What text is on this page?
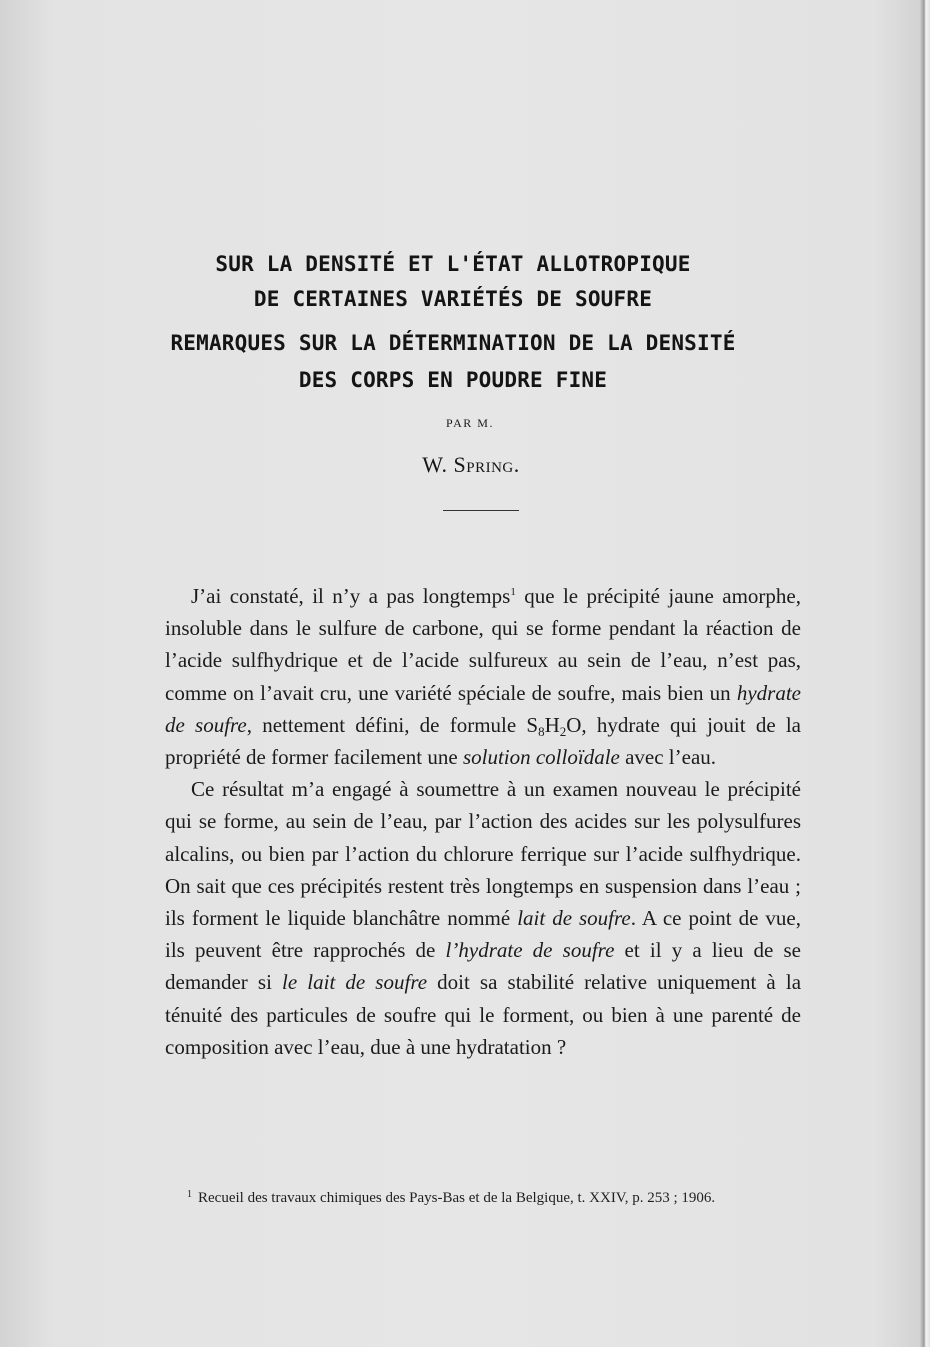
SUR LA DENSITÉ ET L'ÉTAT ALLOTROPIQUE
DE CERTAINES VARIÉTÉS DE SOUFRE
REMARQUES SUR LA DÉTERMINATION DE LA DENSITÉ
DES CORPS EN POUDRE FINE
PAR M.
W. Spring.

J’ai constaté, il n’y a pas longtemps$^1$ que le précipité jaune amorphe, insoluble dans le sulfure de carbone, qui se forme pendant la réaction de l’acide sulfhydrique et de l’acide sulfureux au sein de l’eau, n’est pas, comme on l’avait cru, une variété spéciale de soufre, mais bien un hydrate de soufre, nettement défini, de formule $S_8H_2O$, hydrate qui jouit de la propriété de former facilement une solution colloïdale avec l’eau.

Ce résultat m’a engagé à soumettre à un examen nouveau le précipité qui se forme, au sein de l’eau, par l’action des acides sur les polysulfures alcalins, ou bien par l’action du chlorure ferrique sur l’acide sulfhydrique. On sait que ces précipités restent très longtemps en suspension dans l’eau ; ils forment le liquide blanchâtre nommé lait de soufre. A ce point de vue, ils peuvent être rapprochés de l’hydrate de soufre et il y a lieu de se demander si le lait de soufre doit sa stabilité relative uniquement à la ténuité des particules de soufre qui le forment, ou bien à une parenté de composition avec l’eau, due à une hydratation ?

$^1$ Recueil des travaux chimiques des Pays-Bas et de la Belgique, t. XXIV, p. 253 ; 1906.
